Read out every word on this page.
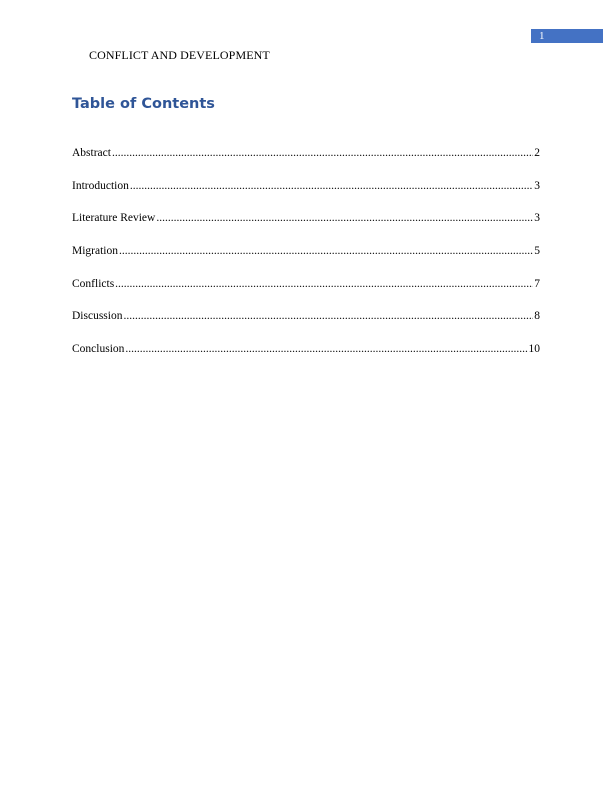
1
CONFLICT AND DEVELOPMENT
Table of Contents
Abstract .....	2
Introduction .....	3
Literature Review .....	3
Migration .....	5
Conflicts .....	7
Discussion .....	8
Conclusion .....	10
